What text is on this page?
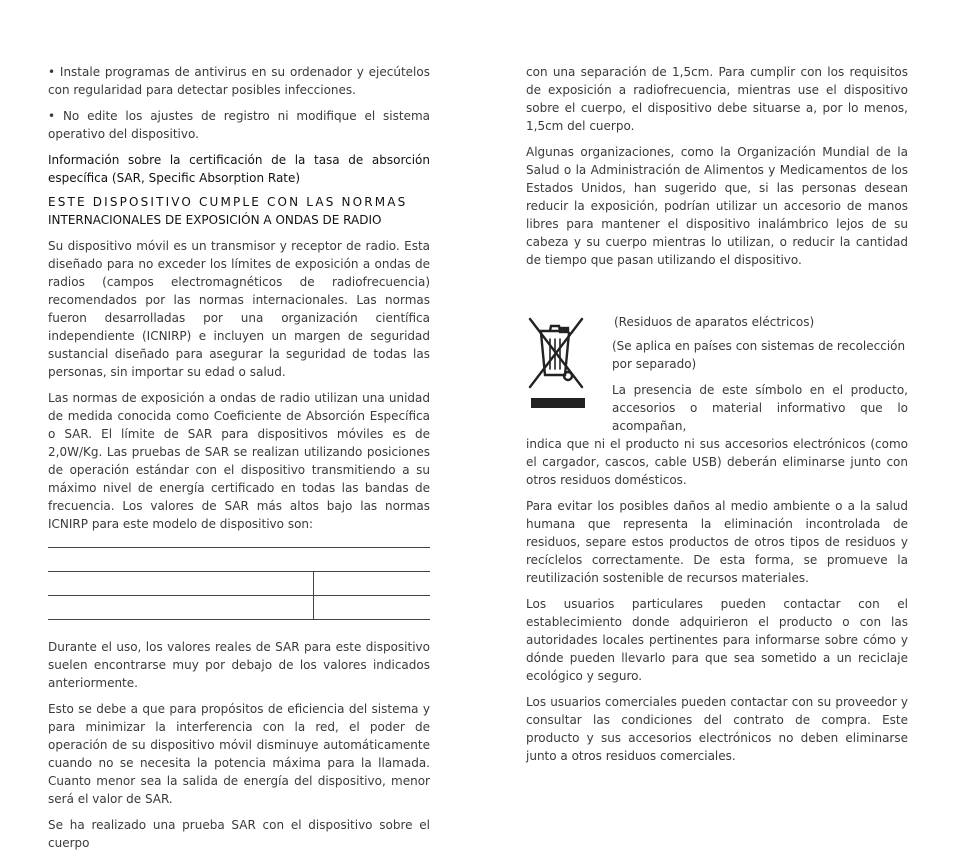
• Instale programas de antivirus en su ordenador y ejecútelos con regularidad para detectar posibles infecciones.

• No edite los ajustes de registro ni modifique el sistema operativo del dispositivo.

Información sobre la certificación de la tasa de absorción específica (SAR, Specific Absorption Rate)

ESTE DISPOSITIVO CUMPLE CON LAS NORMAS

INTERNACIONALES DE EXPOSICIÓN A ONDAS DE RADIO

Su dispositivo móvil es un transmisor y receptor de radio. Esta diseñado para no exceder los límites de exposición a ondas de radios (campos electromagnéticos de radiofrecuencia) recomendados por las normas internacionales. Las normas fueron desarrolladas por una organización científica independiente (ICNIRP) e incluyen un margen de seguridad sustancial diseñado para asegurar la seguridad de todas las personas, sin importar su edad o salud.

Las normas de exposición a ondas de radio utilizan una unidad de medida conocida como Coeficiente de Absorción Específica o SAR. El límite de SAR para dispositivos móviles es de 2,0W/Kg. Las pruebas de SAR se realizan utilizando posiciones de operación estándar con el dispositivo transmitiendo a su máximo nivel de energía certificado en todas las bandas de frecuencia. Los valores de SAR más altos bajo las normas ICNIRP para este modelo de dispositivo son:

Durante el uso, los valores reales de SAR para este dispositivo suelen encontrarse muy por debajo de los valores indicados anteriormente.

Esto se debe a que para propósitos de eficiencia del sistema y para minimizar la interferencia con la red, el poder de operación de su dispositivo móvil disminuye automáticamente cuando no se necesita la potencia máxima para la llamada. Cuanto menor sea la salida de energía del dispositivo, menor será el valor de SAR.

Se ha realizado una prueba SAR con el dispositivo sobre el cuerpo

con una separación de 1,5cm. Para cumplir con los requisitos de exposición a radiofrecuencia, mientras use el dispositivo sobre el cuerpo, el dispositivo debe situarse a, por lo menos, 1,5cm del cuerpo.

Algunas organizaciones, como la Organización Mundial de la Salud o la Administración de Alimentos y Medicamentos de los Estados Unidos, han sugerido que, si las personas desean reducir la exposición, podrían utilizar un accesorio de manos libres para mantener el dispositivo inalámbrico lejos de su cabeza y su cuerpo mientras lo utilizan, o reducir la cantidad de tiempo que pasan utilizando el dispositivo.

(Residuos de aparatos eléctricos)

(Se aplica en países con sistemas de recolección por separado)

La presencia de este símbolo en el producto, accesorios o material informativo que lo acompañan,

indica que ni el producto ni sus accesorios electrónicos (como el cargador, cascos, cable USB) deberán eliminarse junto con otros residuos domésticos.

Para evitar los posibles daños al medio ambiente o a la salud humana que representa la eliminación incontrolada de residuos, separe estos productos de otros tipos de residuos y recíclelos correctamente. De esta forma, se promueve la reutilización sostenible de recursos materiales.

Los usuarios particulares pueden contactar con el establecimiento donde adquirieron el producto o con las autoridades locales pertinentes para informarse sobre cómo y dónde pueden llevarlo para que sea sometido a un reciclaje ecológico y seguro.

Los usuarios comerciales pueden contactar con su proveedor y consultar las condiciones del contrato de compra. Este producto y sus accesorios electrónicos no deben eliminarse junto a otros residuos comerciales.
